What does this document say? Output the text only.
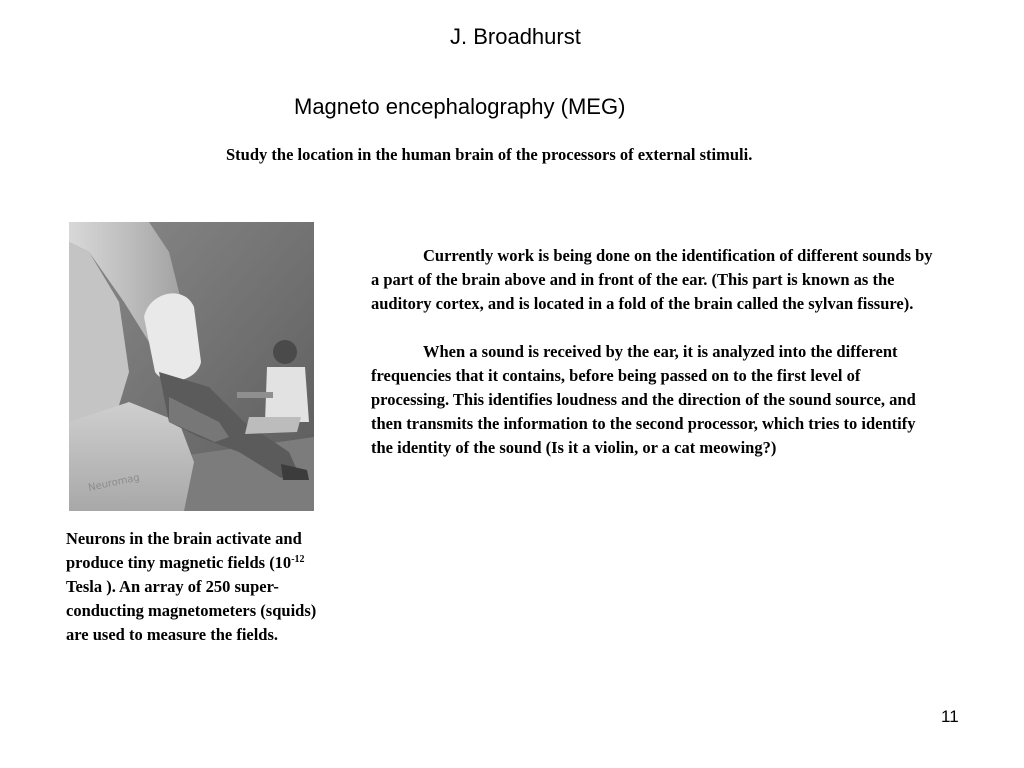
J. Broadhurst
Magneto encephalography (MEG)
Study the location in the human brain of the processors of external stimuli.
Neuromag
Neurons in the brain activate and produce tiny magnetic fields ($10^{-12}$ Tesla ). An array of 250 super-conducting magnetometers (squids) are used to measure the fields.

Currently work is being done on the identification of different sounds by a part of the brain above and in front of the ear. (This part is known as the auditory cortex, and is located in a fold of the brain called the sylvan fissure).

When a sound is received by the ear, it is analyzed into the different frequencies that it contains, before being passed on to the first level of processing. This identifies loudness and the direction of the sound source, and then transmits the information to the second processor, which tries to identify the identity of the sound (Is it a violin, or a cat meowing?)

11
